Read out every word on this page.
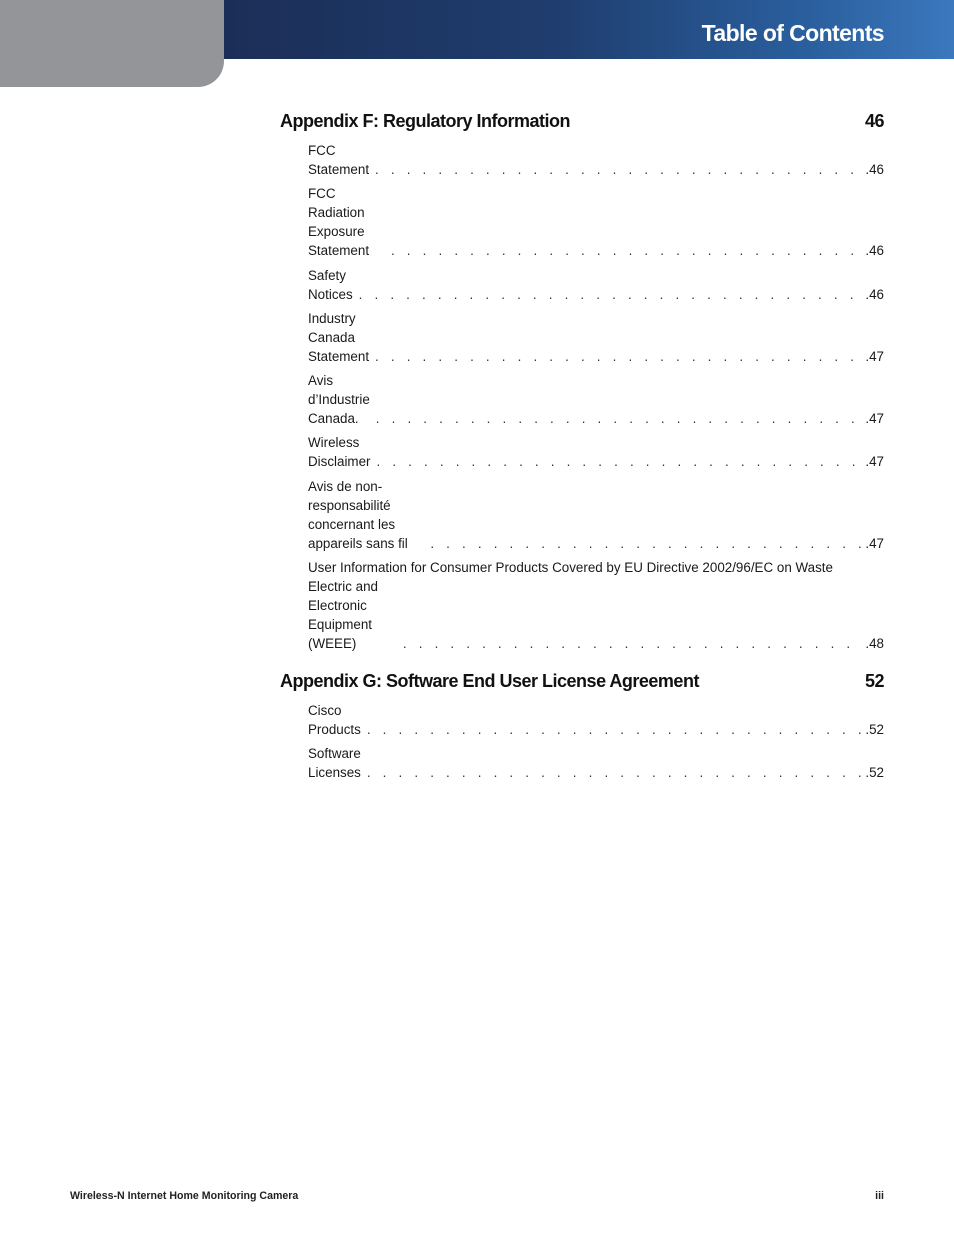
Table of Contents
Appendix F: Regulatory Information	46
FCC Statement . . .	.46
FCC Radiation Exposure Statement . . .	.46
Safety Notices . . .	.46
Industry Canada Statement . . .	.47
Avis d’Industrie Canada. . . .	.47
Wireless Disclaimer . . .	.47
Avis de non-responsabilité concernant les appareils sans fil . . .	.47
User Information for Consumer Products Covered by EU Directive 2002/96/EC on Waste
Electric and Electronic Equipment (WEEE) . . .	.48
Appendix G: Software End User License Agreement	52
Cisco Products . . .	.52
Software Licenses . . .	.52
Wireless-N Internet Home Monitoring Camera	iii
